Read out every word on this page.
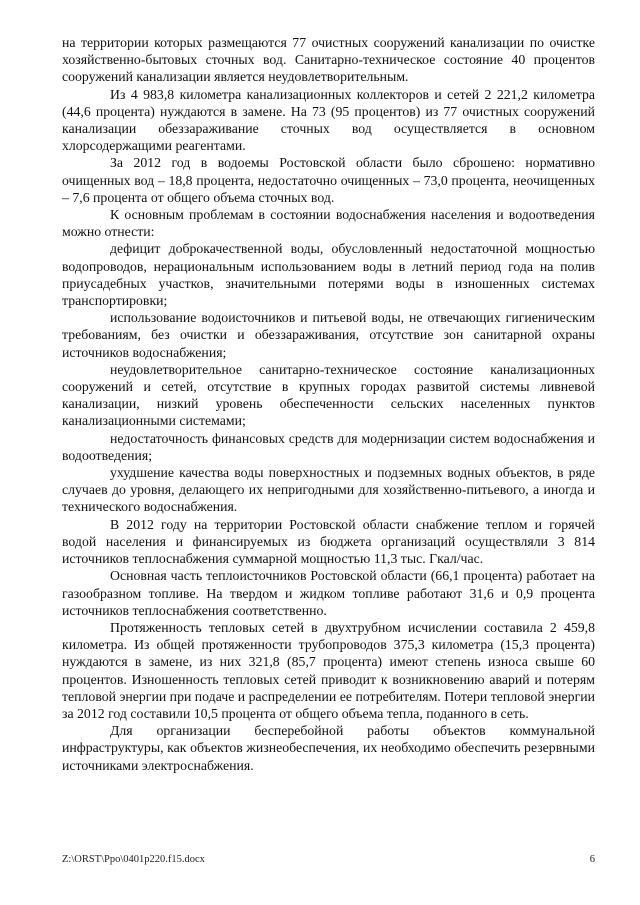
на территории которых размещаются 77 очистных сооружений канализации по очистке хозяйственно-бытовых сточных вод. Санитарно-техническое состояние 40 процентов сооружений канализации является неудовлетворительным.

Из 4 983,8 километра канализационных коллекторов и сетей 2 221,2 километра (44,6 процента) нуждаются в замене. На 73 (95 процентов) из 77 очистных сооружений канализации обеззараживание сточных вод осуществляется в основном хлорсодержащими реагентами.

За 2012 год в водоемы Ростовской области было сброшено: нормативно очищенных вод – 18,8 процента, недостаточно очищенных – 73,0 процента, неочищенных – 7,6 процента от общего объема сточных вод.

К основным проблемам в состоянии водоснабжения населения и водоотведения можно отнести:

дефицит доброкачественной воды, обусловленный недостаточной мощностью водопроводов, нерациональным использованием воды в летний период года на полив приусадебных участков, значительными потерями воды в изношенных системах транспортировки;

использование водоисточников и питьевой воды, не отвечающих гигиеническим требованиям, без очистки и обеззараживания, отсутствие зон санитарной охраны источников водоснабжения;

неудовлетворительное санитарно-техническое состояние канализационных сооружений и сетей, отсутствие в крупных городах развитой системы ливневой канализации, низкий уровень обеспеченности сельских населенных пунктов канализационными системами;

недостаточность финансовых средств для модернизации систем водоснабжения и водоотведения;

ухудшение качества воды поверхностных и подземных водных объектов, в ряде случаев до уровня, делающего их непригодными для хозяйственно-питьевого, а иногда и технического водоснабжения.

В 2012 году на территории Ростовской области снабжение теплом и горячей водой населения и финансируемых из бюджета организаций осуществляли 3 814 источников теплоснабжения суммарной мощностью 11,3 тыс. Гкал/час.

Основная часть теплоисточников Ростовской области (66,1 процента) работает на газообразном топливе. На твердом и жидком топливе работают 31,6 и 0,9 процента источников теплоснабжения соответственно.

Протяженность тепловых сетей в двухтрубном исчислении составила 2 459,8 километра. Из общей протяженности трубопроводов 375,3 километра (15,3 процента) нуждаются в замене, из них 321,8 (85,7 процента) имеют степень износа свыше 60 процентов. Изношенность тепловых сетей приводит к возникновению аварий и потерям тепловой энергии при подаче и распределении ее потребителям. Потери тепловой энергии за 2012 год составили 10,5 процента от общего объема тепла, поданного в сеть.

Для организации бесперебойной работы объектов коммунальной инфраструктуры, как объектов жизнеобеспечения, их необходимо обеспечить резервными источниками электроснабжения.

Z:\ORST\Ppo\0401p220.f15.docx	6
